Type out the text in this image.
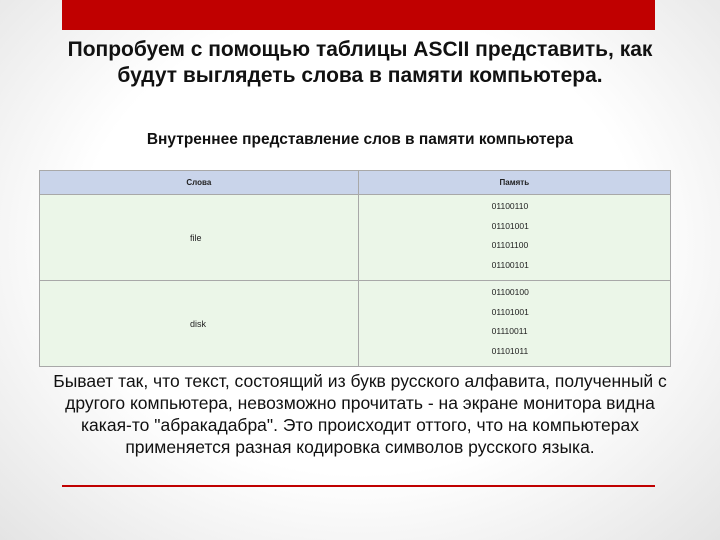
Попробуем с помощью таблицы ASCII представить, как будут выглядеть слова в памяти компьютера.
Внутреннее представление слов в памяти компьютера
Слова	Память
file	01100110
01101001
01101100
01100101

disk	01100100
01101001
01110011
01101011
Бывает так, что текст, состоящий из букв русского алфавита, полученный с другого компьютера, невозможно прочитать - на экране монитора видна какая-то "абракадабра". Это происходит оттого, что на компьютерах применяется разная кодировка символов русского языка.
